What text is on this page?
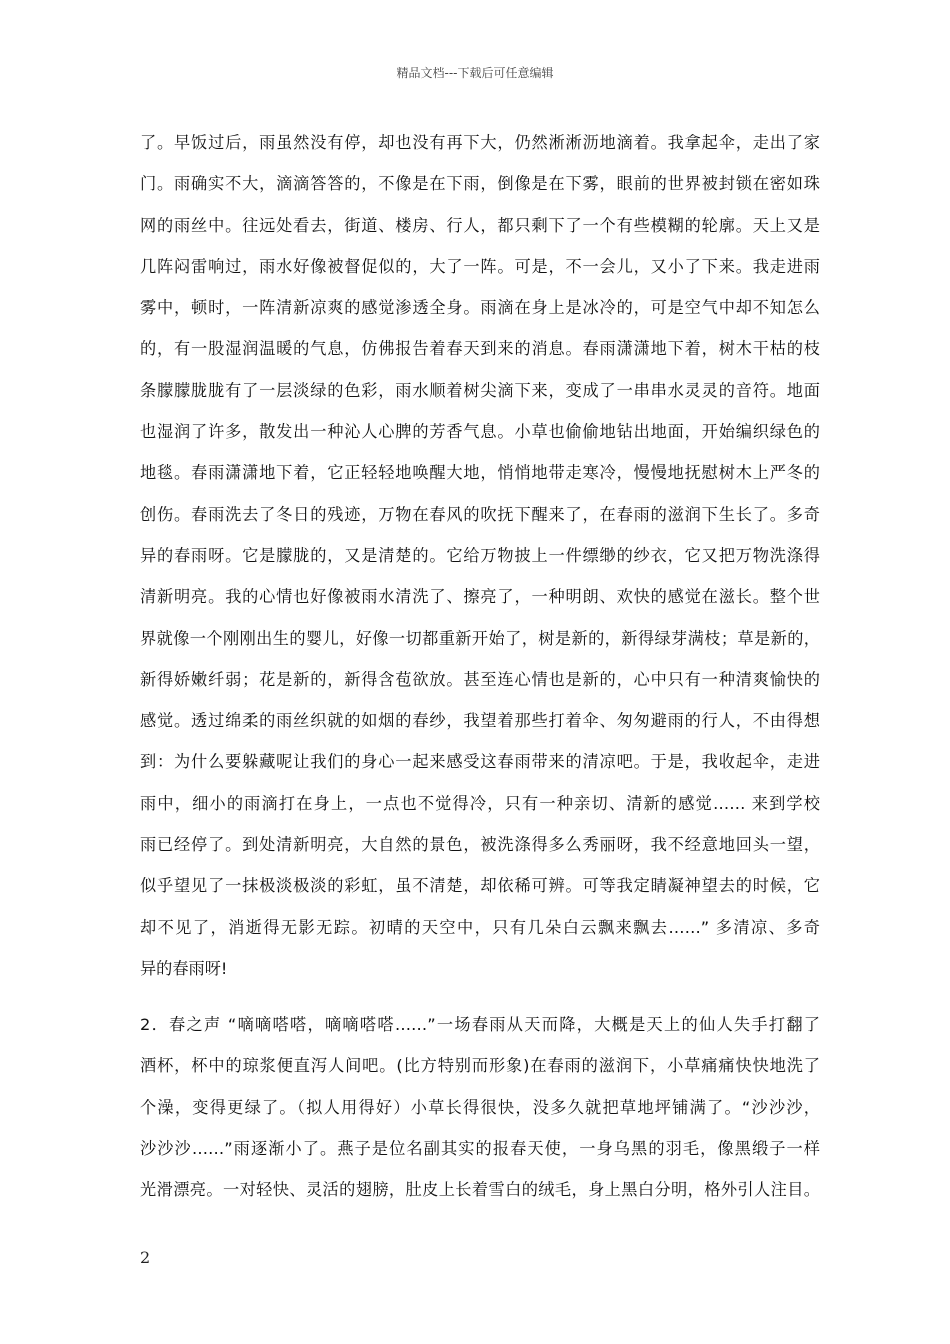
精品文档---下载后可任意编辑
了。早饭过后，雨虽然没有停，却也没有再下大，仍然淅淅沥地滴着。我拿起伞，走出了家
门。雨确实不大，滴滴答答的，不像是在下雨，倒像是在下雾，眼前的世界被封锁在密如珠
网的雨丝中。往远处看去，街道、楼房、行人，都只剩下了一个有些模糊的轮廓。天上又是
几阵闷雷响过，雨水好像被督促似的，大了一阵。可是，不一会儿，又小了下来。我走进雨
雾中，顿时，一阵清新凉爽的感觉渗透全身。雨滴在身上是冰冷的，可是空气中却不知怎么
的，有一股湿润温暖的气息，仿佛报告着春天到来的消息。春雨潇潇地下着，树木干枯的枝
条朦朦胧胧有了一层淡绿的色彩，雨水顺着树尖滴下来，变成了一串串水灵灵的音符。地面
也湿润了许多，散发出一种沁人心脾的芳香气息。小草也偷偷地钻出地面，开始编织绿色的
地毯。春雨潇潇地下着，它正轻轻地唤醒大地，悄悄地带走寒冷，慢慢地抚慰树木上严冬的
创伤。春雨洗去了冬日的残迹，万物在春风的吹抚下醒来了，在春雨的滋润下生长了。多奇
异的春雨呀。它是朦胧的，又是清楚的。它给万物披上一件缥缈的纱衣，它又把万物洗涤得
清新明亮。我的心情也好像被雨水清洗了、擦亮了，一种明朗、欢快的感觉在滋长。整个世
界就像一个刚刚出生的婴儿，好像一切都重新开始了，树是新的，新得绿芽满枝；草是新的，
新得娇嫩纤弱；花是新的，新得含苞欲放。甚至连心情也是新的，心中只有一种清爽愉快的
感觉。透过绵柔的雨丝织就的如烟的春纱，我望着那些打着伞、匆匆避雨的行人，不由得想
到：为什么要躲藏呢让我们的身心一起来感受这春雨带来的清凉吧。于是，我收起伞，走进
雨中，细小的雨滴打在身上，一点也不觉得冷，只有一种亲切、清新的感觉…… 来到学校
雨已经停了。到处清新明亮，大自然的景色，被洗涤得多么秀丽呀，我不经意地回头一望，
似乎望见了一抹极淡极淡的彩虹，虽不清楚，却依稀可辨。可等我定睛凝神望去的时候，它
却不见了，消逝得无影无踪。初晴的天空中，只有几朵白云飘来飘去……” 多清凉、多奇
异的春雨呀!
2．春之声 “嘀嘀嗒嗒，嘀嘀嗒嗒……”一场春雨从天而降，大概是天上的仙人失手打翻了
酒杯，杯中的琼浆便直泻人间吧。(比方特别而形象)在春雨的滋润下，小草痛痛快快地洗了
个澡，变得更绿了。（拟人用得好）小草长得很快，没多久就把草地坪铺满了。“沙沙沙，
沙沙沙……”雨逐渐小了。燕子是位名副其实的报春天使，一身乌黑的羽毛，像黑缎子一样
光滑漂亮。一对轻快、灵活的翅膀，肚皮上长着雪白的绒毛，身上黑白分明，格外引人注目。
2
